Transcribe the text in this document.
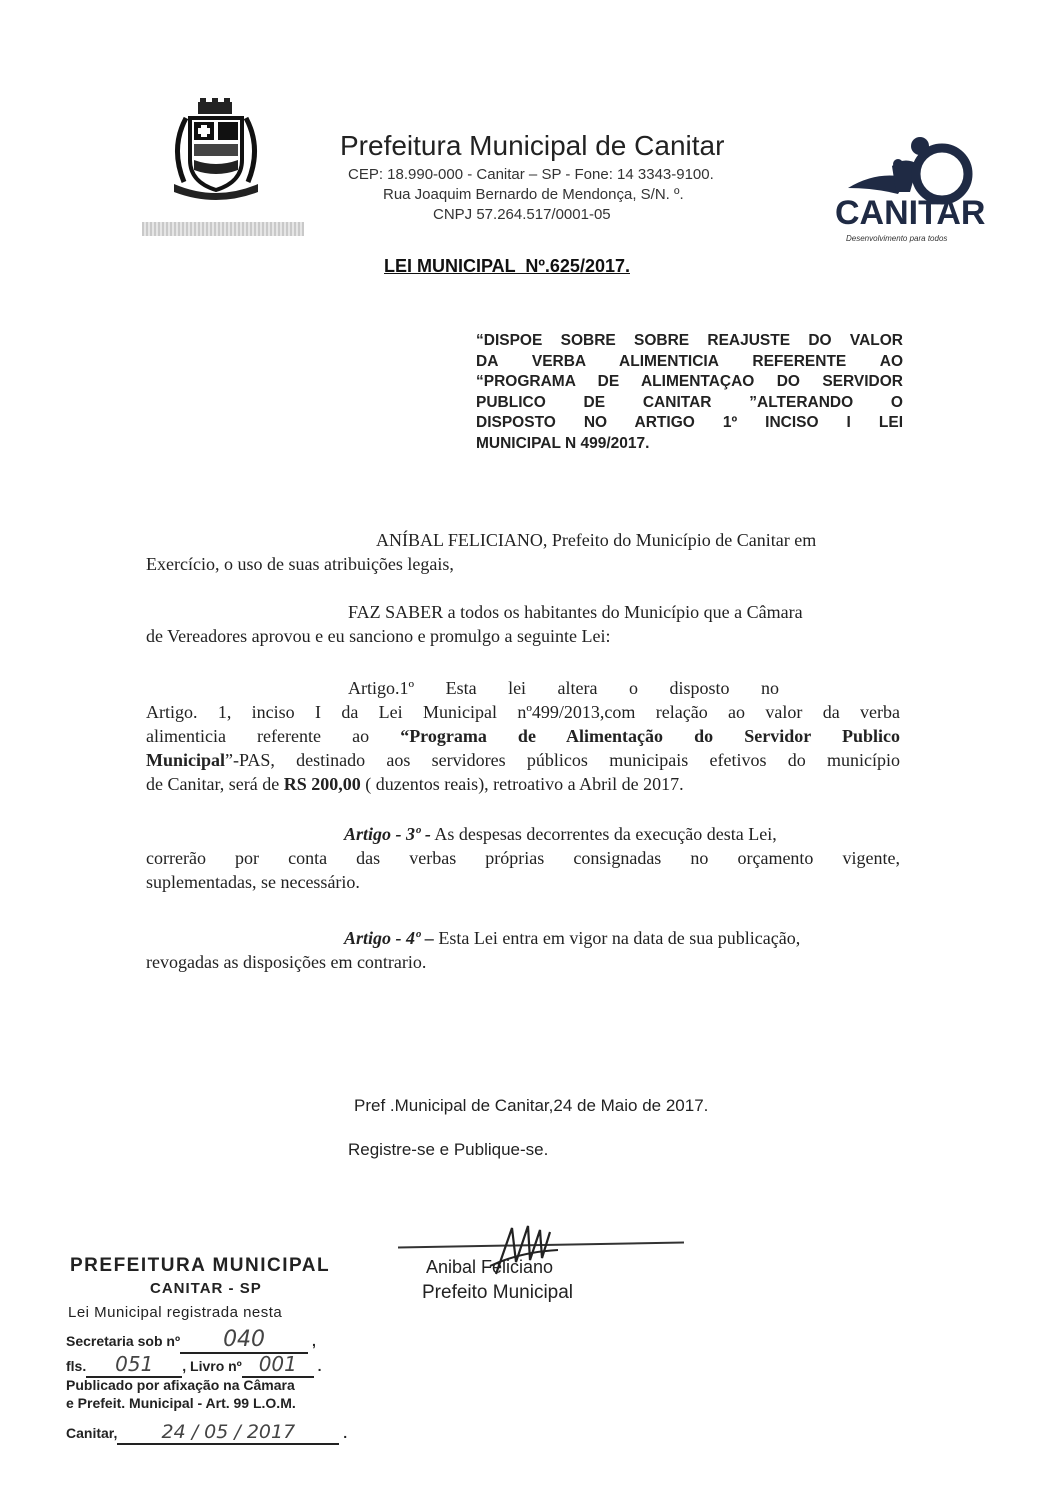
Prefeitura Municipal de Canitar
CEP: 18.990-000 - Canitar – SP - Fone: 14 3343-9100.
Rua Joaquim Bernardo de Mendonça, S/N. º.
CNPJ 57.264.517/0001-05	CANITAR
Desenvolvimento para todos
LEI MUNICIPAL  Nº.625/2017.
“DISPOE SOBRE SOBRE REAJUSTE DO VALOR
DA VERBA ALIMENTICIA REFERENTE AO
“PROGRAMA DE ALIMENTAÇAO DO SERVIDOR
PUBLICO DE CANITAR ”ALTERANDO O
DISPOSTO NO ARTIGO 1º INCISO I LEI
MUNICIPAL N 499/2017.
ANÍBAL FELICIANO, Prefeito do Município de Canitar em
Exercício, o uso de suas atribuições legais,
FAZ SABER a todos os habitantes do Município que a Câmara
de Vereadores aprovou e eu sanciono e promulgo a seguinte Lei:
Artigo.1º       Esta       lei       altera       o       disposto       no
Artigo. 1, inciso I da Lei Municipal nº499/2013,com relação ao valor da verba
alimenticia referente ao “Programa de Alimentação do Servidor Publico
Municipal”-PAS, destinado aos servidores públicos municipais efetivos do município
de Canitar, será de RS 200,00 ( duzentos reais), retroativo a Abril de 2017.
Artigo - 3º - As despesas decorrentes da execução desta Lei,
correrão por conta das verbas próprias consignadas no orçamento vigente,
suplementadas, se necessário.
Artigo - 4º – Esta Lei entra em vigor na data de sua publicação,
revogadas as disposições em contrario.
Pref .Municipal de Canitar,24 de Maio de 2017.
Registre-se e Publique-se.
Anibal Feliciano
Prefeito Municipal
PREFEITURA MUNICIPAL
CANITAR - SP
Lei Municipal registrada nesta
Secretaria sob nº 040	,
fls. 051 , Livro nº 001 .
Publicado por afixação na Câmara
e Prefeit. Municipal - Art. 99 L.O.M.
Canitar, 24 / 05 / 2017	.
